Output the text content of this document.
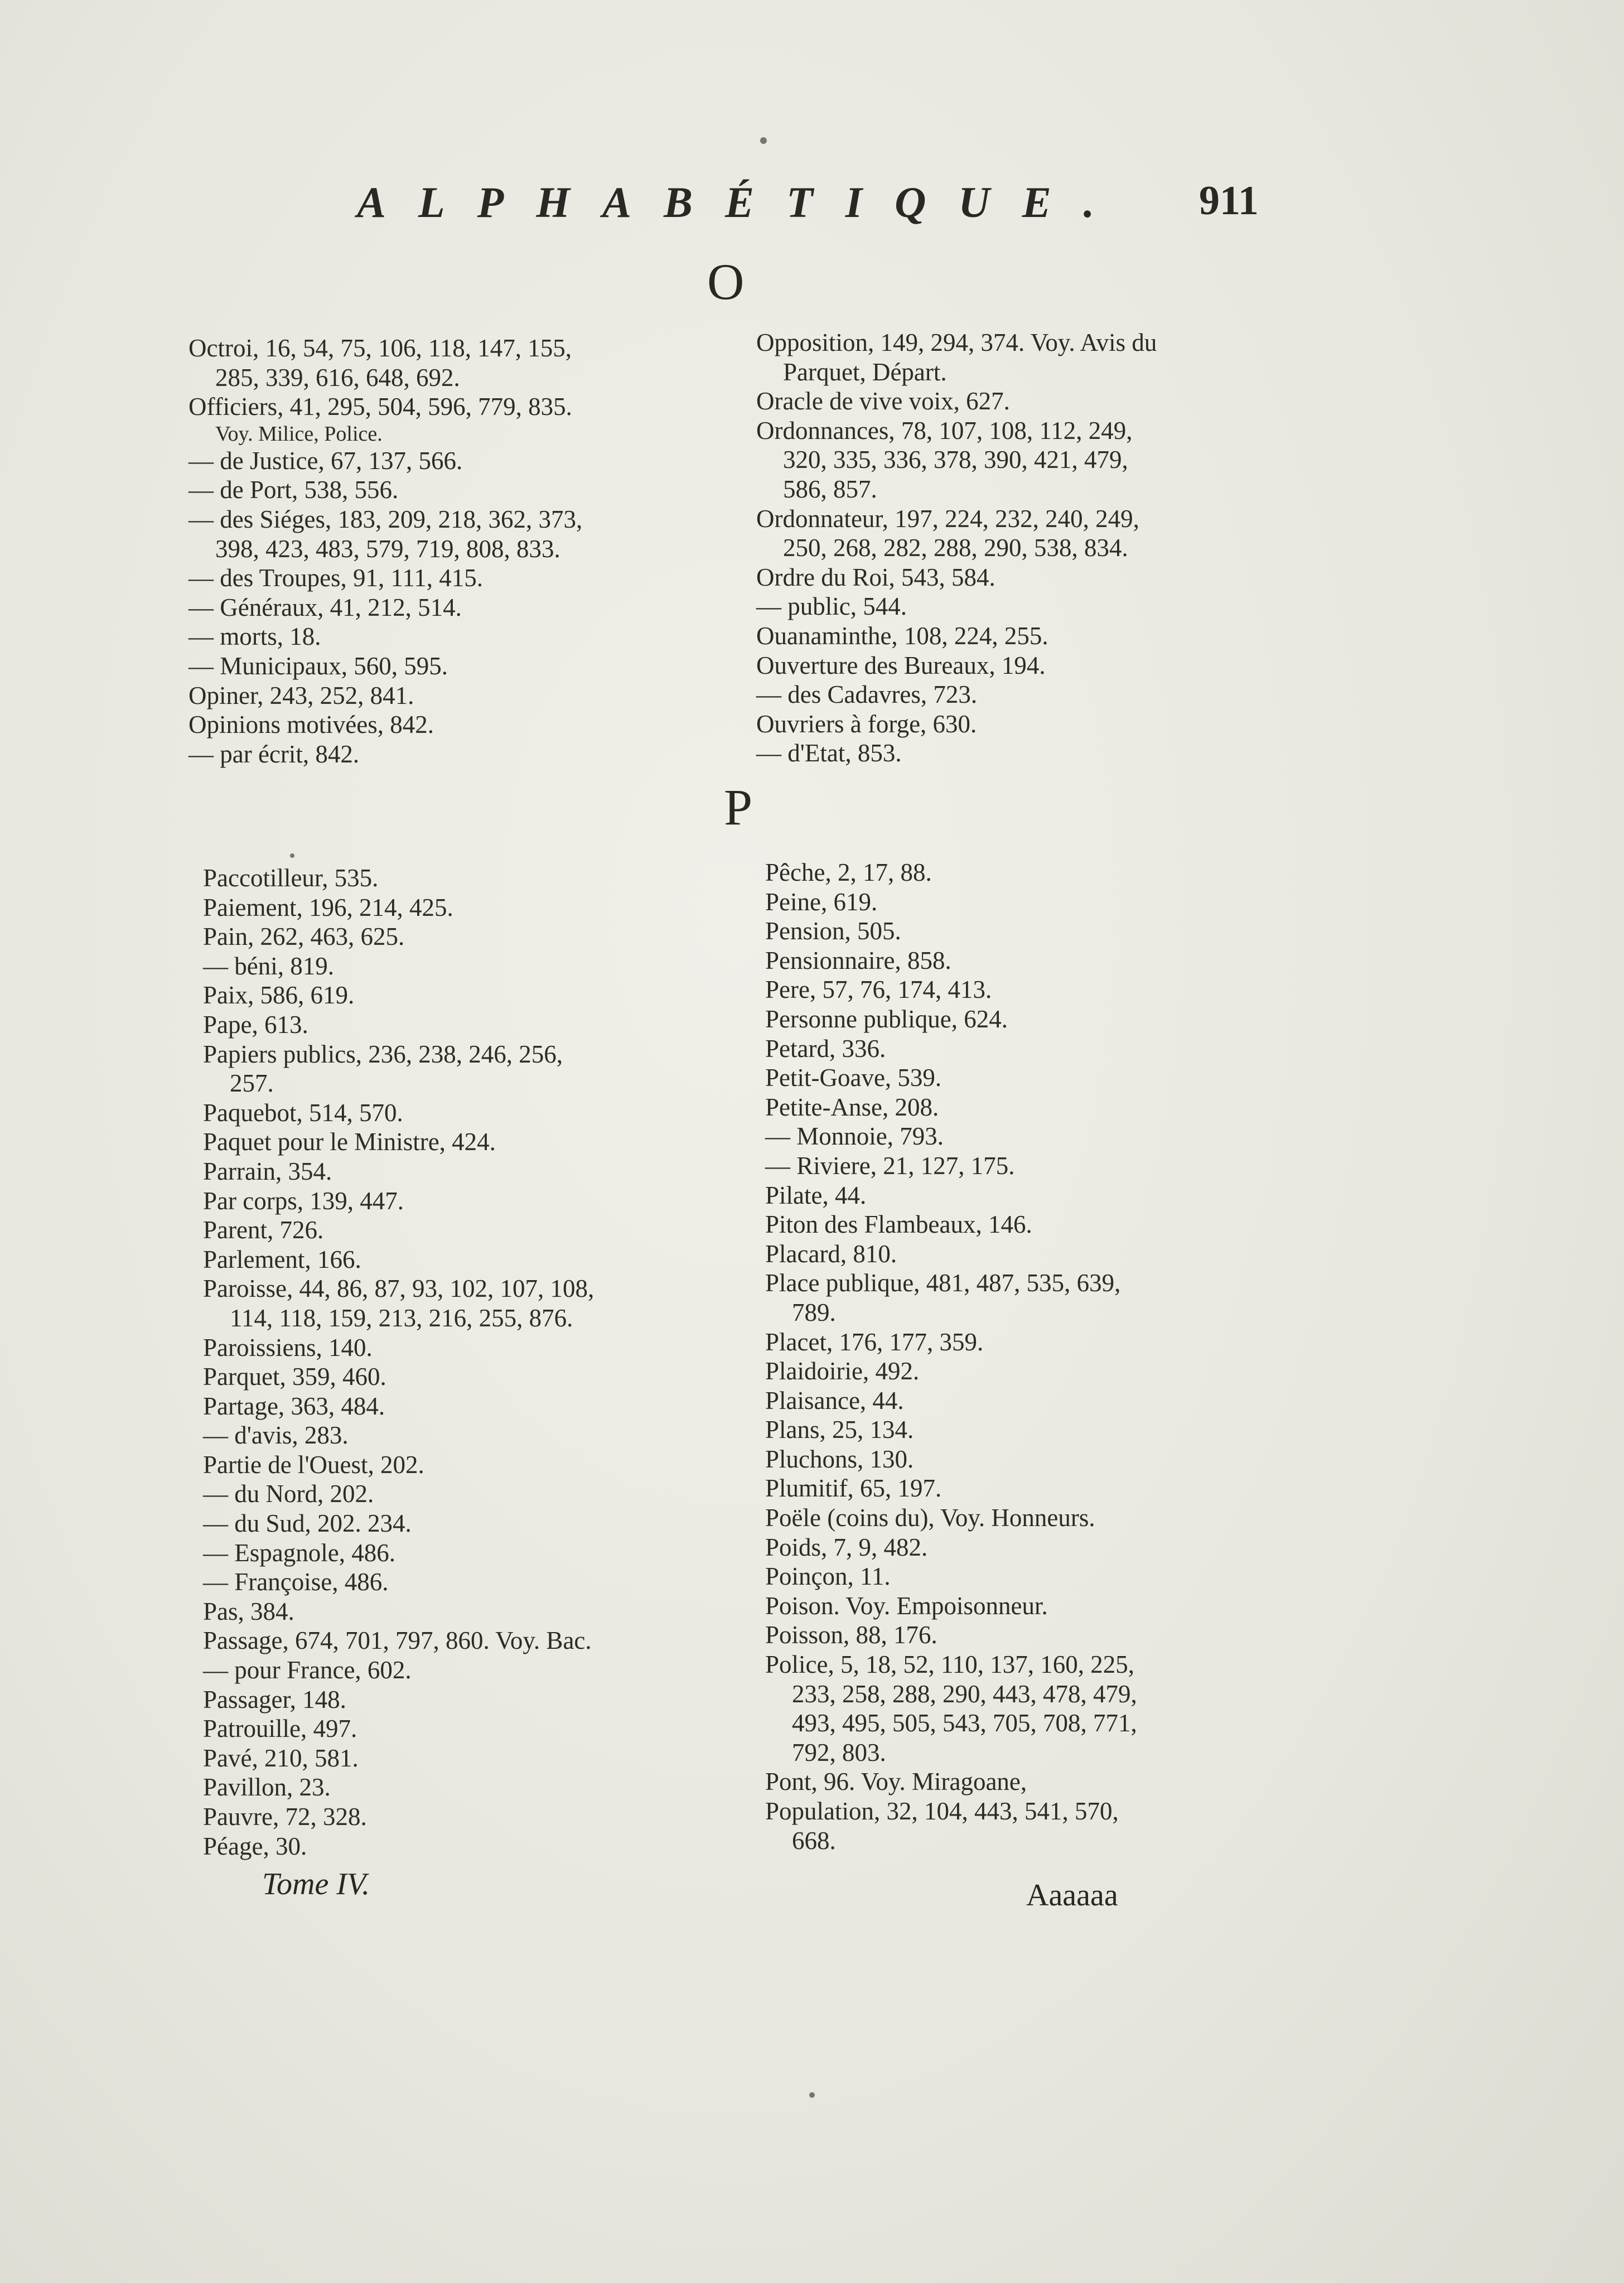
ALPHABÉTIQUE.	911
O
Octroi, 16, 54, 75, 106, 118, 147, 155,
285, 339, 616, 648, 692.
Officiers, 41, 295, 504, 596, 779, 835.
Voy. Milice, Police.
— de Justice, 67, 137, 566.
— de Port, 538, 556.
— des Siéges, 183, 209, 218, 362, 373,
398, 423, 483, 579, 719, 808, 833.
— des Troupes, 91, 111, 415.
— Généraux, 41, 212, 514.
— morts, 18.
— Municipaux, 560, 595.
Opiner, 243, 252, 841.
Opinions motivées, 842.
— par écrit, 842.
Opposition, 149, 294, 374. Voy. Avis du
Parquet, Départ.
Oracle de vive voix, 627.
Ordonnances, 78, 107, 108, 112, 249,
320, 335, 336, 378, 390, 421, 479,
586, 857.
Ordonnateur, 197, 224, 232, 240, 249,
250, 268, 282, 288, 290, 538, 834.
Ordre du Roi, 543, 584.
— public, 544.
Ouanaminthe, 108, 224, 255.
Ouverture des Bureaux, 194.
— des Cadavres, 723.
Ouvriers à forge, 630.
— d'Etat, 853.
P
Paccotilleur, 535.
Paiement, 196, 214, 425.
Pain, 262, 463, 625.
— béni, 819.
Paix, 586, 619.
Pape, 613.
Papiers publics, 236, 238, 246, 256,
257.
Paquebot, 514, 570.
Paquet pour le Ministre, 424.
Parrain, 354.
Par corps, 139, 447.
Parent, 726.
Parlement, 166.
Paroisse, 44, 86, 87, 93, 102, 107, 108,
114, 118, 159, 213, 216, 255, 876.
Paroissiens, 140.
Parquet, 359, 460.
Partage, 363, 484.
— d'avis, 283.
Partie de l'Ouest, 202.
— du Nord, 202.
— du Sud, 202. 234.
— Espagnole, 486.
— Françoise, 486.
Pas, 384.
Passage, 674, 701, 797, 860. Voy. Bac.
— pour France, 602.
Passager, 148.
Patrouille, 497.
Pavé, 210, 581.
Pavillon, 23.
Pauvre, 72, 328.
Péage, 30.
Pêche, 2, 17, 88.
Peine, 619.
Pension, 505.
Pensionnaire, 858.
Pere, 57, 76, 174, 413.
Personne publique, 624.
Petard, 336.
Petit-Goave, 539.
Petite-Anse, 208.
— Monnoie, 793.
— Riviere, 21, 127, 175.
Pilate, 44.
Piton des Flambeaux, 146.
Placard, 810.
Place publique, 481, 487, 535, 639,
789.
Placet, 176, 177, 359.
Plaidoirie, 492.
Plaisance, 44.
Plans, 25, 134.
Pluchons, 130.
Plumitif, 65, 197.
Poële (coins du), Voy. Honneurs.
Poids, 7, 9, 482.
Poinçon, 11.
Poison. Voy. Empoisonneur.
Poisson, 88, 176.
Police, 5, 18, 52, 110, 137, 160, 225,
233, 258, 288, 290, 443, 478, 479,
493, 495, 505, 543, 705, 708, 771,
792, 803.
Pont, 96. Voy. Miragoane,
Population, 32, 104, 443, 541, 570,
668.
Tome IV.	Aaaaaa
